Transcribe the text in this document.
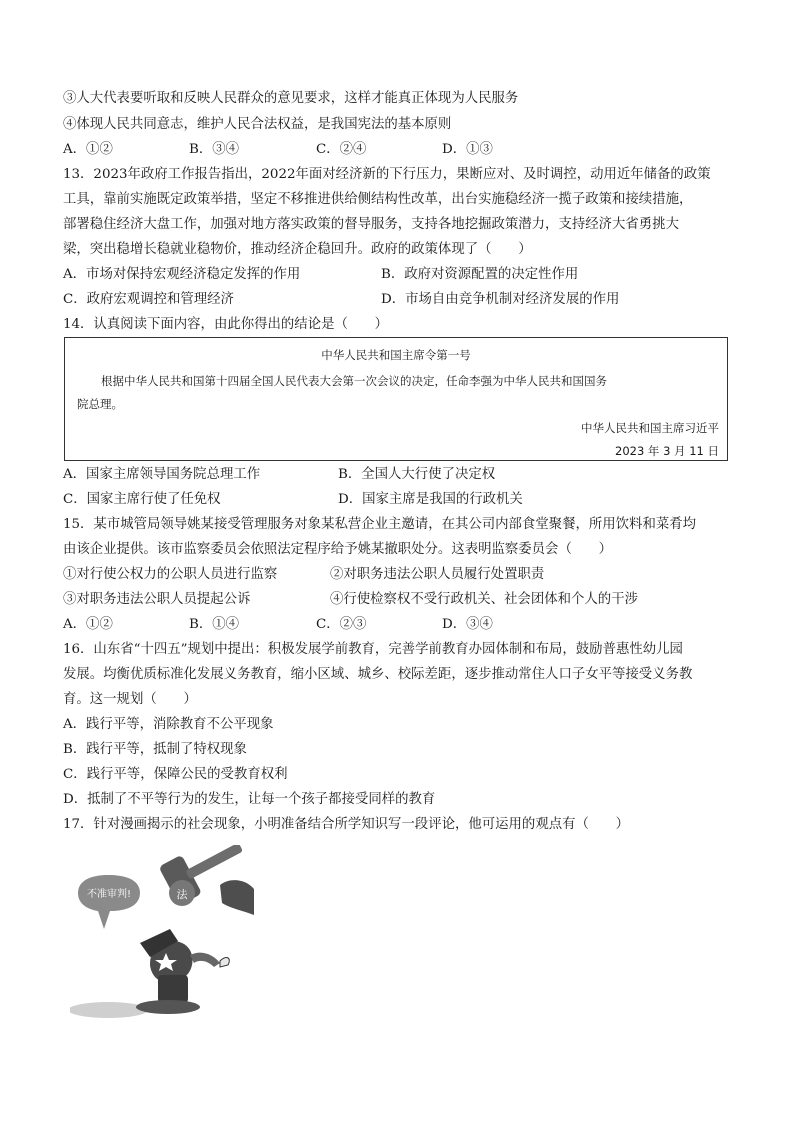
③人大代表要听取和反映人民群众的意见要求，这样才能真正体现为人民服务
④体现人民共同意志，维护人民合法权益，是我国宪法的基本原则
A．①②	B．③④	C．②④	D．①③
13．2023年政府工作报告指出，2022年面对经济新的下行压力，果断应对、及时调控，动用近年储备的政策
工具，靠前实施既定政策举措，坚定不移推进供给侧结构性改革，出台实施稳经济一揽子政策和接续措施，
部署稳住经济大盘工作，加强对地方落实政策的督导服务，支持各地挖掘政策潜力，支持经济大省勇挑大
梁，突出稳增长稳就业稳物价，推动经济企稳回升。政府的政策体现了（　　）
A．市场对保持宏观经济稳定发挥的作用	B．政府对资源配置的决定性作用
C．政府宏观调控和管理经济	D．市场自由竞争机制对经济发展的作用
14．认真阅读下面内容，由此你得出的结论是（　　）
中华人民共和国主席令第一号
根据中华人民共和国第十四届全国人民代表大会第一次会议的决定，任命李强为中华人民共和国国务
院总理。
中华人民共和国主席习近平
2023 年 3 月 11 日
A．国家主席领导国务院总理工作	B．全国人大行使了决定权
C．国家主席行使了任免权	D．国家主席是我国的行政机关
15．某市城管局领导姚某接受管理服务对象某私营企业主邀请，在其公司内部食堂聚餐，所用饮料和菜肴均
由该企业提供。该市监察委员会依照法定程序给予姚某撤职处分。这表明监察委员会（　　）
①对行使公权力的公职人员进行监察	②对职务违法公职人员履行处置职责
③对职务违法公职人员提起公诉	④行使检察权不受行政机关、社会团体和个人的干涉
A．①②	B．①④	C．②③	D．③④
16．山东省“十四五”规划中提出：积极发展学前教育，完善学前教育办园体制和布局，鼓励普惠性幼儿园
发展。均衡优质标准化发展义务教育，缩小区域、城乡、校际差距，逐步推动常住人口子女平等接受义务教
育。这一规划（　　）
A．践行平等，消除教育不公平现象
B．践行平等，抵制了特权现象
C．践行平等，保障公民的受教育权利
D．抵制了不平等行为的发生，让每一个孩子都接受同样的教育
17．针对漫画揭示的社会现象，小明准备结合所学知识写一段评论，他可运用的观点有（　　）
不准审判!	法
